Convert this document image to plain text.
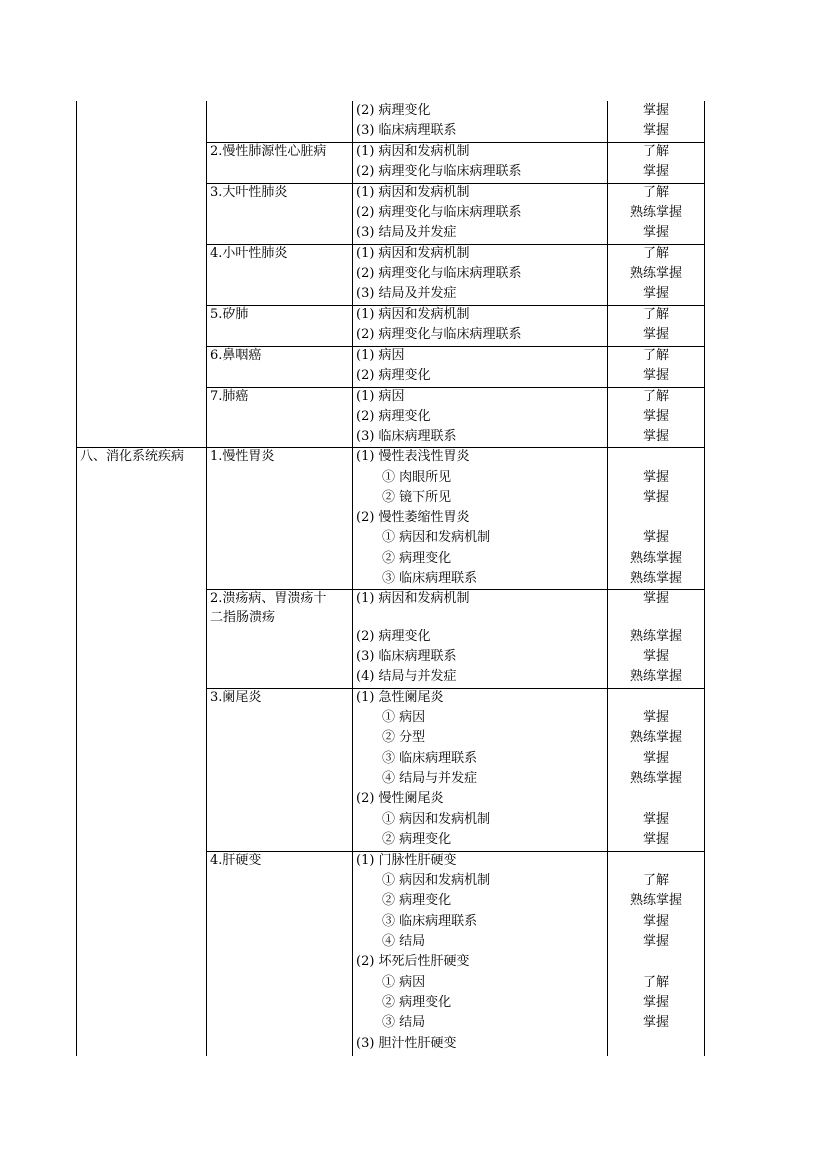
八、消化系统疾病
2.慢性肺源性心脏病
3.大叶性肺炎
4.小叶性肺炎
5.矽肺
6.鼻咽癌
7.肺癌
1.慢性胃炎
2.溃疡病、胃溃疡十
二指肠溃疡
3.阑尾炎
4.肝硬变
(2) 病理变化
(3) 临床病理联系
(1) 病因和发病机制
(2) 病理变化与临床病理联系
(1) 病因和发病机制
(2) 病理变化与临床病理联系
(3) 结局及并发症
(1) 病因和发病机制
(2) 病理变化与临床病理联系
(3) 结局及并发症
(1) 病因和发病机制
(2) 病理变化与临床病理联系
(1) 病因
(2) 病理变化
(1) 病因
(2) 病理变化
(3) 临床病理联系
(1) 慢性表浅性胃炎
① 肉眼所见
② 镜下所见
(2) 慢性萎缩性胃炎
① 病因和发病机制
② 病理变化
③ 临床病理联系
(1) 病因和发病机制
(2) 病理变化
(3) 临床病理联系
(4) 结局与并发症
(1) 急性阑尾炎
① 病因
② 分型
③ 临床病理联系
④ 结局与并发症
(2) 慢性阑尾炎
① 病因和发病机制
② 病理变化
(1) 门脉性肝硬变
① 病因和发病机制
② 病理变化
③ 临床病理联系
④ 结局
(2) 坏死后性肝硬变
① 病因
② 病理变化
③ 结局
(3) 胆汁性肝硬变
掌握
掌握
了解
掌握
了解
熟练掌握
掌握
了解
熟练掌握
掌握
了解
掌握
了解
掌握
了解
掌握
掌握
掌握
掌握
掌握
熟练掌握
熟练掌握
掌握
熟练掌握
掌握
熟练掌握
掌握
熟练掌握
掌握
熟练掌握
掌握
掌握
了解
熟练掌握
掌握
掌握
了解
掌握
掌握
